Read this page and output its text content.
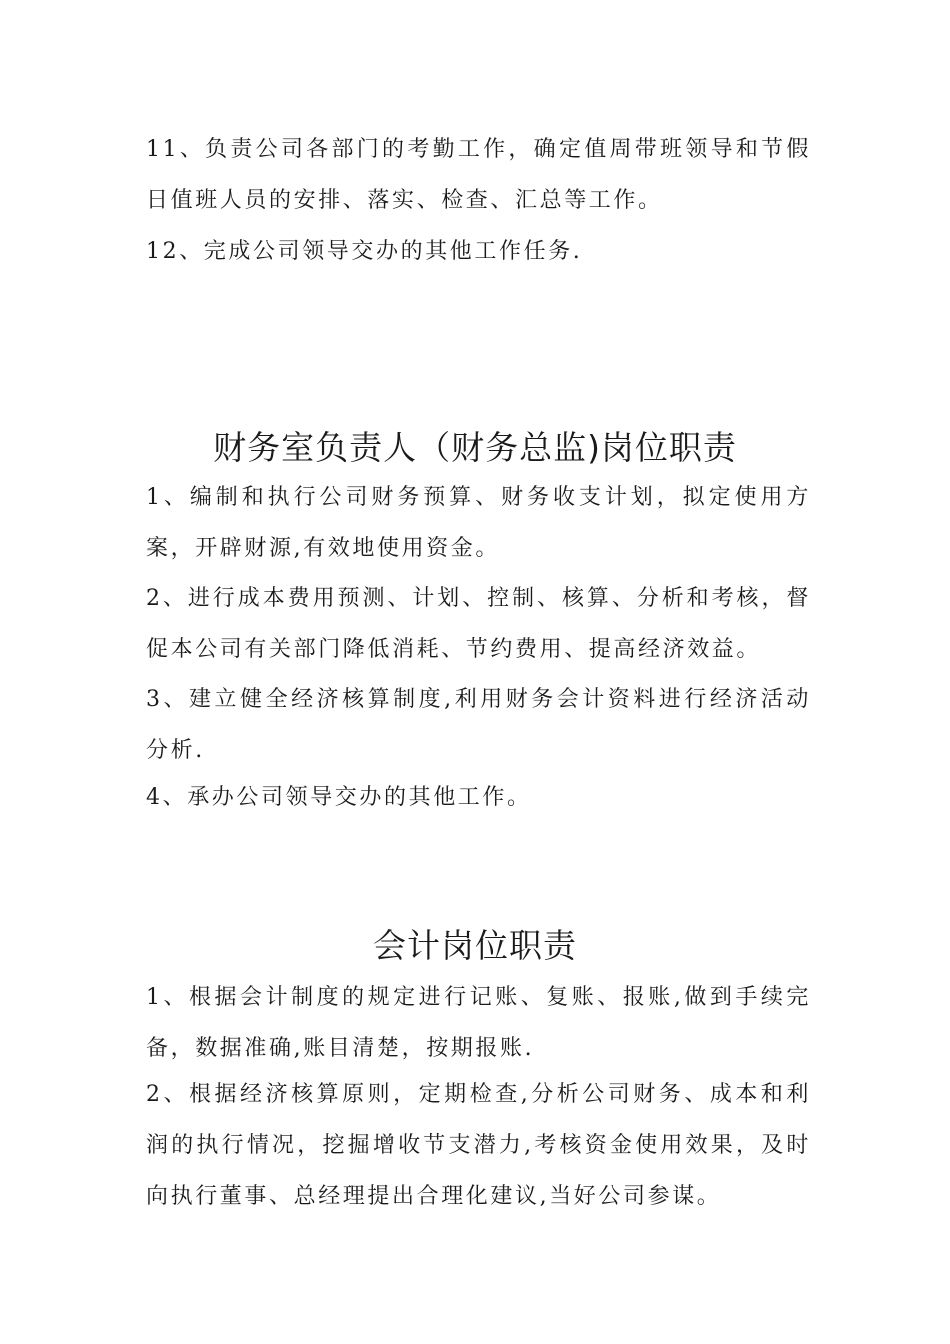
11、负责公司各部门的考勤工作，确定值周带班领导和节假日值班人员的安排、落实、检查、汇总等工作。

12、完成公司领导交办的其他工作任务.

财务室负责人（财务总监)岗位职责

1、编制和执行公司财务预算、财务收支计划，拟定使用方案，开辟财源,有效地使用资金。

2、进行成本费用预测、计划、控制、核算、分析和考核，督促本公司有关部门降低消耗、节约费用、提高经济效益。

3、建立健全经济核算制度,利用财务会计资料进行经济活动分析.

4、承办公司领导交办的其他工作。

会计岗位职责

1、根据会计制度的规定进行记账、复账、报账,做到手续完备，数据准确,账目清楚，按期报账.

2、根据经济核算原则，定期检查,分析公司财务、成本和利润的执行情况，挖掘增收节支潜力,考核资金使用效果，及时向执行董事、总经理提出合理化建议,当好公司参谋。
